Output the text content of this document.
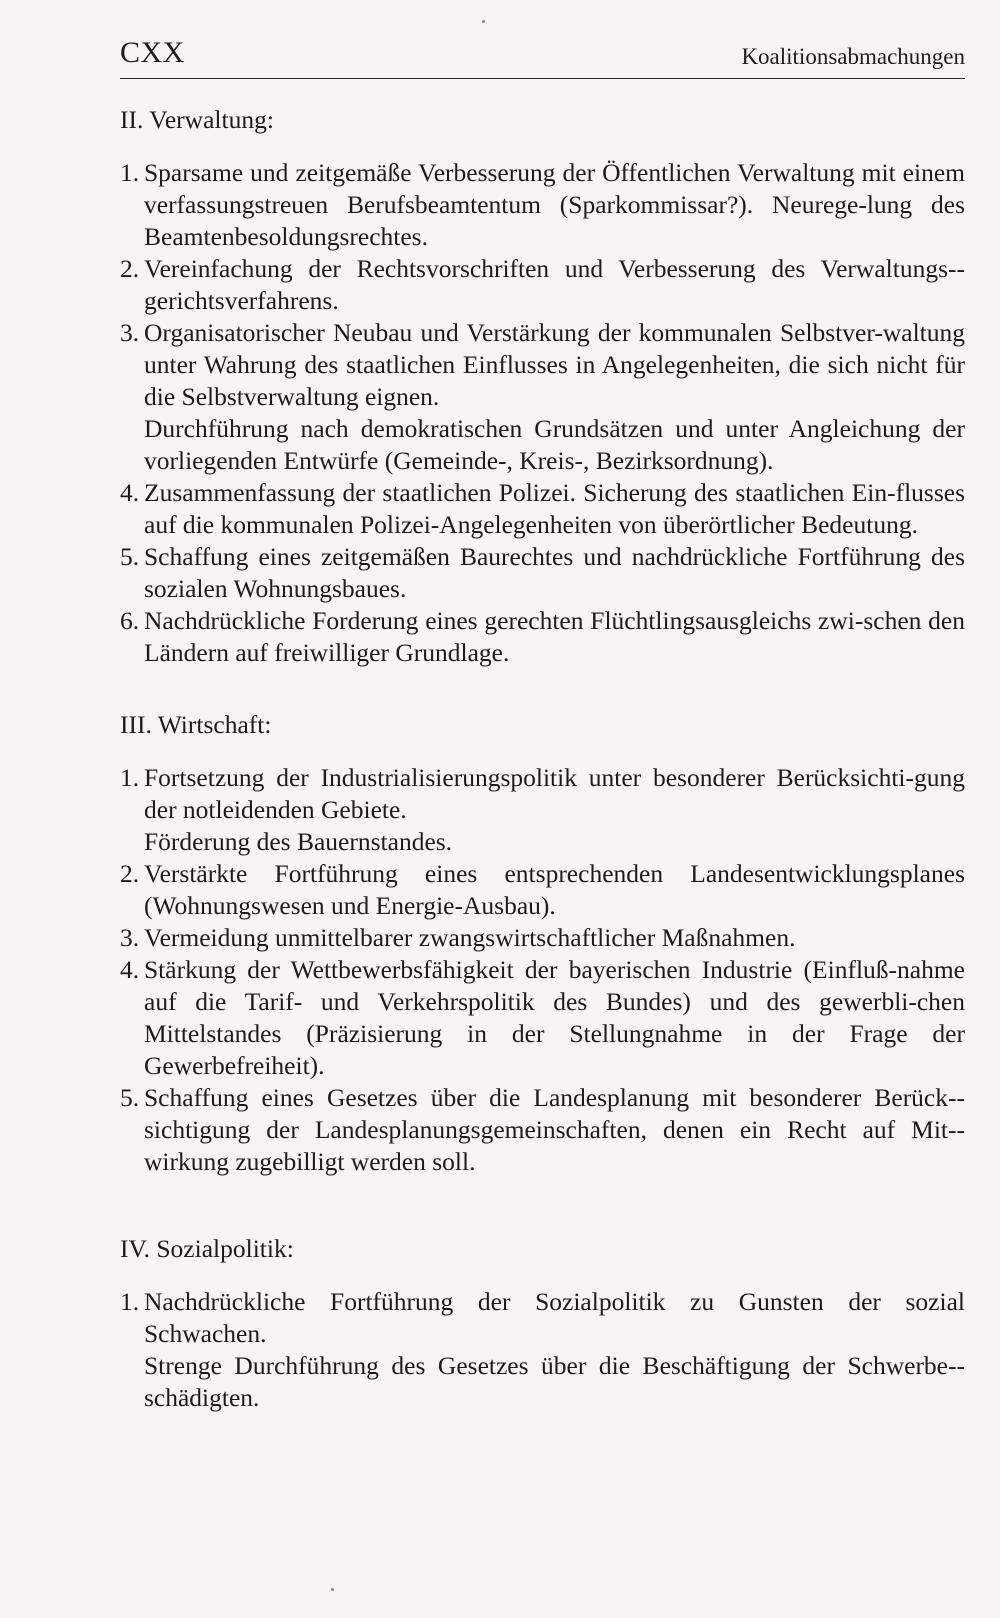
CXX	Koalitionsabmachungen
II. Verwaltung:
1. Sparsame und zeitgemäße Verbesserung der Öffentlichen Verwaltung mit einem verfassungstreuen Berufsbeamtentum (Sparkommissar?). Neurege-lung des Beamtenbesoldungsrechtes.

2. Vereinfachung der Rechtsvorschriften und Verbesserung des Verwaltungs-gerichtsverfahrens.

3. Organisatorischer Neubau und Verstärkung der kommunalen Selbstver-waltung unter Wahrung des staatlichen Einflusses in Angelegenheiten, die sich nicht für die Selbstverwaltung eignen.

Durchführung nach demokratischen Grundsätzen und unter Angleichung der vorliegenden Entwürfe (Gemeinde-, Kreis-, Bezirksordnung).

4. Zusammenfassung der staatlichen Polizei. Sicherung des staatlichen Ein-flusses auf die kommunalen Polizei-Angelegenheiten von überörtlicher Bedeutung.

5. Schaffung eines zeitgemäßen Baurechtes und nachdrückliche Fortführung des sozialen Wohnungsbaues.

6. Nachdrückliche Forderung eines gerechten Flüchtlingsausgleichs zwi-schen den Ländern auf freiwilliger Grundlage.

III. Wirtschaft:
1. Fortsetzung der Industrialisierungspolitik unter besonderer Berücksichti-gung der notleidenden Gebiete.

Förderung des Bauernstandes.

2. Verstärkte Fortführung eines entsprechenden Landesentwicklungsplanes (Wohnungswesen und Energie-Ausbau).

3. Vermeidung unmittelbarer zwangswirtschaftlicher Maßnahmen.

4. Stärkung der Wettbewerbsfähigkeit der bayerischen Industrie (Einfluß-nahme auf die Tarif- und Verkehrspolitik des Bundes) und des gewerbli-chen Mittelstandes (Präzisierung in der Stellungnahme in der Frage der Gewerbefreiheit).

5. Schaffung eines Gesetzes über die Landesplanung mit besonderer Berück-sichtigung der Landesplanungsgemeinschaften, denen ein Recht auf Mit-wirkung zugebilligt werden soll.

IV. Sozialpolitik:
1. Nachdrückliche Fortführung der Sozialpolitik zu Gunsten der sozial Schwachen.

Strenge Durchführung des Gesetzes über die Beschäftigung der Schwerbe-schädigten.
